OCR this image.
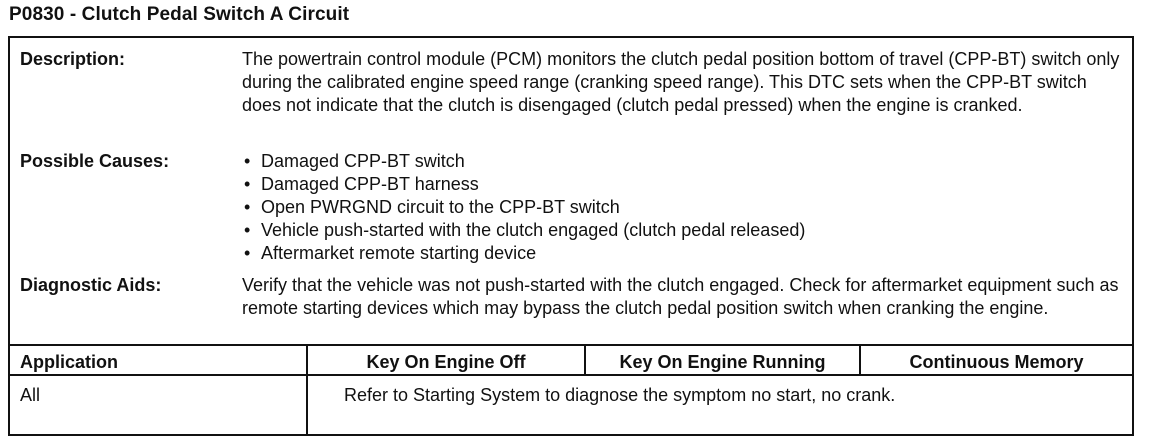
P0830 - Clutch Pedal Switch A Circuit
Description:	The powertrain control module (PCM) monitors the clutch pedal position bottom of travel (CPP-BT) switch only during the calibrated engine speed range (cranking speed range). This DTC sets when the CPP-BT switch does not indicate that the clutch is disengaged (clutch pedal pressed) when the engine is cranked.
Possible Causes:	• Damaged CPP-BT switch
• Damaged CPP-BT harness
• Open PWRGND circuit to the CPP-BT switch
• Vehicle push-started with the clutch engaged (clutch pedal released)
• Aftermarket remote starting device
Diagnostic Aids:	Verify that the vehicle was not push-started with the clutch engaged. Check for aftermarket equipment such as remote starting devices which may bypass the clutch pedal position switch when cranking the engine.
Application	Key On Engine Off	Key On Engine Running	Continuous Memory
All	Refer to Starting System to diagnose the symptom no start, no crank.
